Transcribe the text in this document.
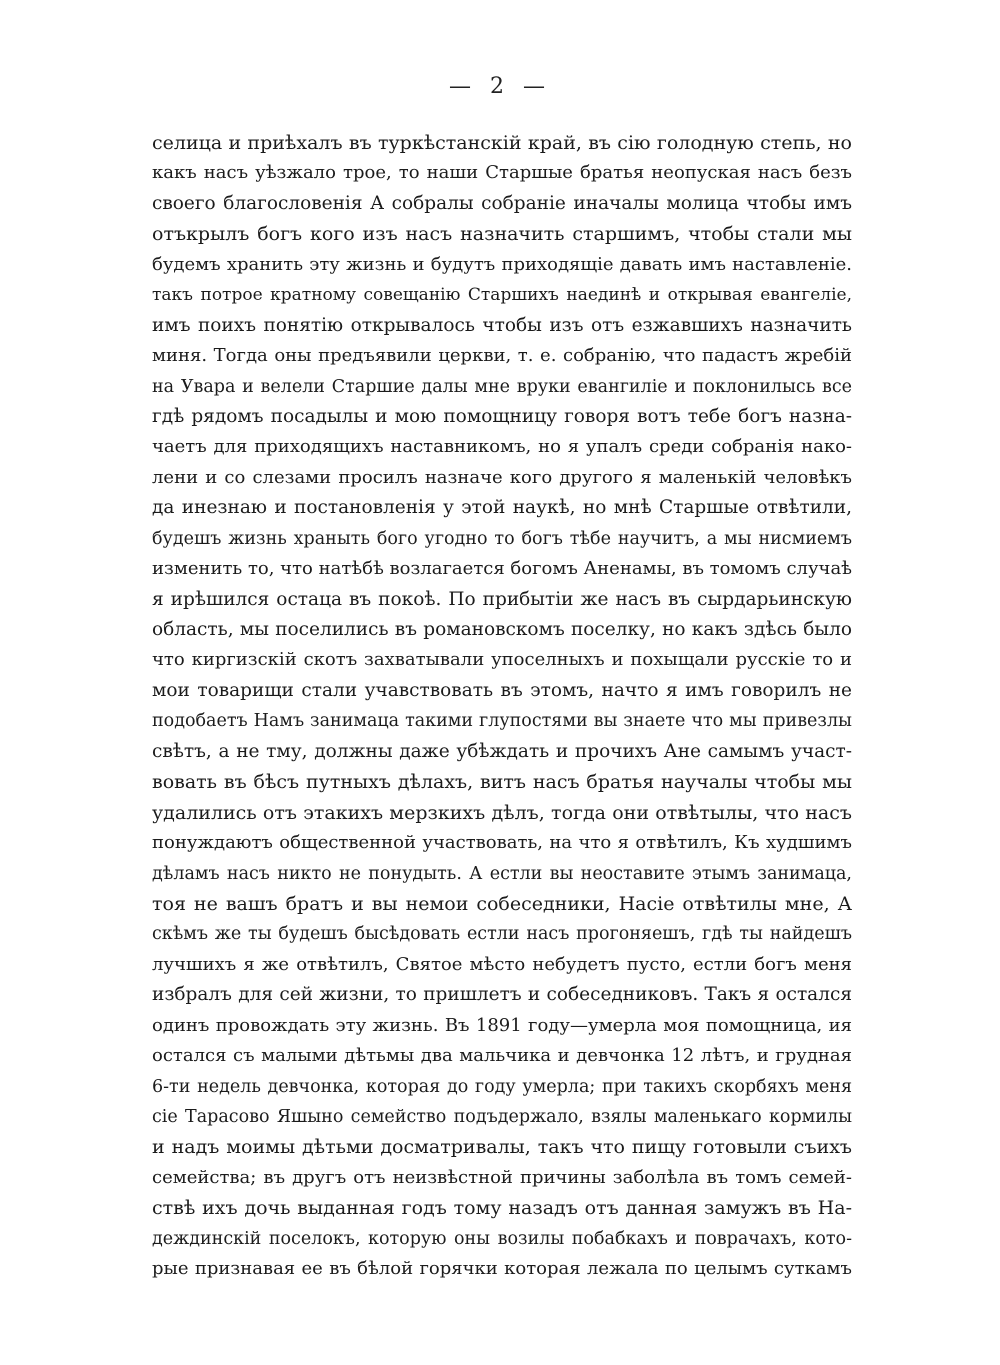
— 2 —
селица и приѣхалъ въ туркѣстанскій край, въ сію голодную степь, но
какъ насъ уѣзжало трое, то наши Старшые братья неопуская насъ безъ
своего благословенія А собралы собраніе иначалы молица чтобы имъ
отъкрылъ богъ кого изъ насъ назначить старшимъ, чтобы стали мы
будемъ хранить эту жизнь и будутъ приходящіе давать имъ наставленіе.
такъ потрое кратному совещанію Старшихъ наединѣ и открывая евангеліе,
имъ поихъ понятію открывалось чтобы изъ отъ езжавшихъ назначить
миня. Тогда оны предъявили церкви, т. е. собранію, что падастъ жребій
на Увара и велели Старшие далы мне вруки евангиліе и поклонилысь все
гдѣ рядомъ посадылы и мою помощницу говоря вотъ тебе богъ назна-
чаетъ для приходящихъ наставникомъ, но я упалъ среди собранія нако-
лени и со слезами просилъ назначе кого другого я маленькій человѣкъ
да инезнаю и постановленія у этой наукѣ, но мнѣ Старшые отвѣтили,
будешъ жизнь храныть бого угодно то богъ тѣбе научитъ, а мы нисмиемъ
изменить то, что натѣбѣ возлагается богомъ Аненамы, въ томомъ случаѣ
я ирѣшился остаца въ покоѣ. По прибытіи же насъ въ сырдарьинскую
область, мы поселились въ романовскомъ поселку, но какъ здѣсь было
что киргизскій скотъ захватывали упоселныхъ и похыщали русскіе то и
мои товарищи стали учавствовать въ этомъ, начто я имъ говорилъ не
подобаетъ Намъ занимаца такими глупостями вы знаете что мы привезлы
свѣтъ, а не тму, должны даже убѣждать и прочихъ Ане самымъ участ-
вовать въ бѣсъ путныхъ дѣлахъ, витъ насъ братья научалы чтобы мы
удалились отъ этакихъ мерзкихъ дѣлъ, тогда они отвѣтылы, что насъ
понуждаютъ общественной участвовать, на что я отвѣтилъ, Къ худшимъ
дѣламъ насъ никто не понудыть. А естли вы неоставите этымъ занимаца,
тоя не вашъ братъ и вы немои собеседники, Насіе отвѣтилы мне, А
скѣмъ же ты будешъ бысѣдовать естли насъ прогоняешъ, гдѣ ты найдешъ
лучшихъ я же отвѣтилъ, Святое мѣсто небудетъ пусто, естли богъ меня
избралъ для сей жизни, то пришлетъ и собеседниковъ. Такъ я остался
одинъ провождать эту жизнь. Въ 1891 году—умерла моя помощница, ия
остался съ малыми дѣтьмы два мальчика и девчонка 12 лѣтъ, и грудная
6-ти недель девчонка, которая до году умерла; при такихъ скорбяхъ меня
сіе Тарасово Яшыно семейство подъдержало, взялы маленькаго кормилы
и надъ моимы дѣтьми досматривалы, такъ что пищу готовыли съихъ
семейства; въ другъ отъ неизвѣстной причины заболѣла въ томъ семей-
ствѣ ихъ дочь выданная годъ тому назадъ отъ данная замужъ въ На-
деждинскій поселокъ, которую оны возилы побабкахъ и поврачахъ, кото-
рые признавая ее въ бѣлой горячки которая лежала по целымъ суткамъ
